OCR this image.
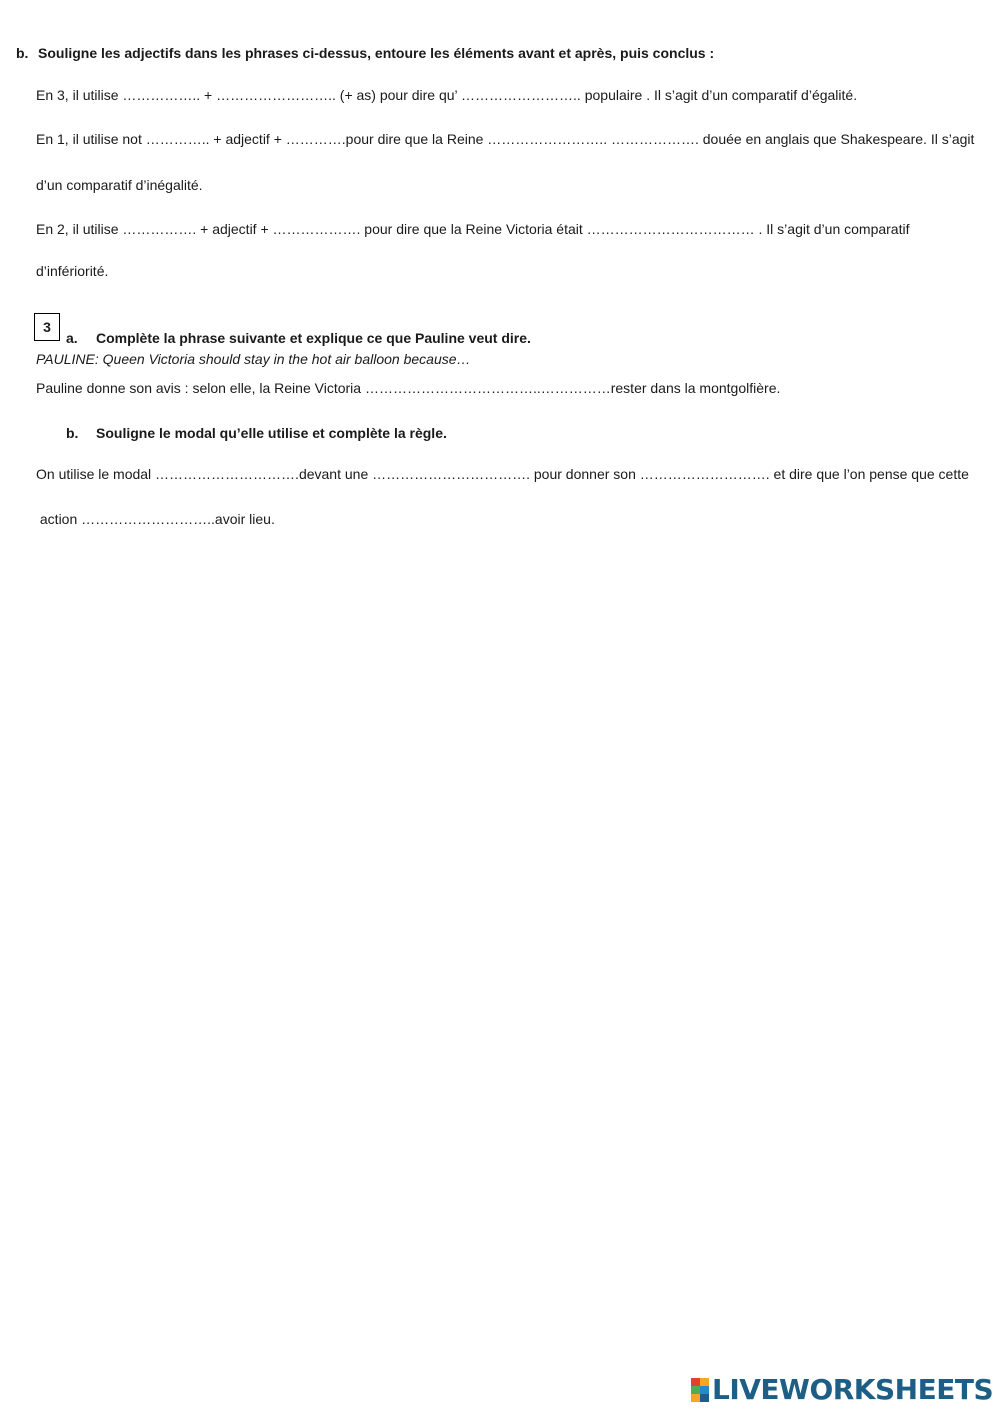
b. Souligne les adjectifs dans les phrases ci-dessus, entoure les éléments avant et après, puis conclus :
En 3, il utilise …………….. + …………………….. (+ as) pour dire qu’ …………………….. populaire . Il s’agit d’un comparatif d’égalité.
En 1, il utilise not ………….. + adjectif + ………….pour dire que la Reine …………………….. ………………. douée en anglais que Shakespeare. Il s’agit
d’un comparatif d’inégalité.
En 2, il utilise ……………. + adjectif + ………………. pour dire que la Reine Victoria était ……………………………… . Il s’agit d’un comparatif
d’infériorité.
3
a. Complète la phrase suivante et explique ce que Pauline veut dire.
PAULINE: Queen Victoria should stay in the hot air balloon because…
Pauline donne son avis : selon elle, la Reine Victoria ………………………………..……………rester dans la montgolfière.
b. Souligne le modal qu’elle utilise et complète la règle.
On utilise le modal ………………………….devant une ……………………………. pour donner son ………………………. et dire que l’on pense que cette
action ………………………..avoir lieu.
LIVEWORKSHEETS
